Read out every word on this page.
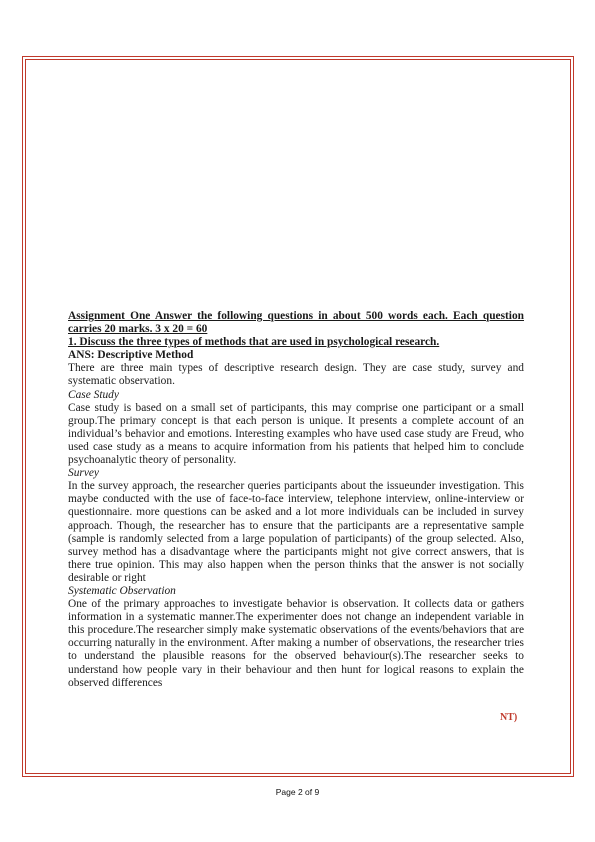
Assignment One Answer the following questions in about 500 words each. Each question carries 20 marks. 3 x 20 = 60

1. Discuss the three types of methods that are used in psychological research.

ANS: Descriptive Method

There are three main types of descriptive research design. They are case study, survey and systematic observation.

Case Study

Case study is based on a small set of participants, this may comprise one participant or a small group.The primary concept is that each person is unique. It presents a complete account of an individual’s behavior and emotions. Interesting examples who have used case study are Freud, who used case study as a means to acquire information from his patients that helped him to conclude psychoanalytic theory of personality.

Survey

In the survey approach, the researcher queries participants about the issueunder investigation. This maybe conducted with the use of face-to-face interview, telephone interview, online-interview or questionnaire. more questions can be asked and a lot more individuals can be included in survey approach. Though, the researcher has to ensure that the participants are a representative sample (sample is randomly selected from a large population of participants) of the group selected. Also, survey method has a disadvantage where the participants might not give correct answers, that is there true opinion. This may also happen when the person thinks that the answer is not socially desirable or right

Systematic Observation

One of the primary approaches to investigate behavior is observation. It collects data or gathers information in a systematic manner.The experimenter does not change an independent variable in this procedure.The researcher simply make systematic observations of the events/behaviors that are occurring naturally in the environment. After making a number of observations, the researcher tries to understand the plausible reasons for the observed behaviour(s).The researcher seeks to understand how people vary in their behaviour and then hunt for logical reasons to explain the observed differences

NT)
Page 2 of 9
